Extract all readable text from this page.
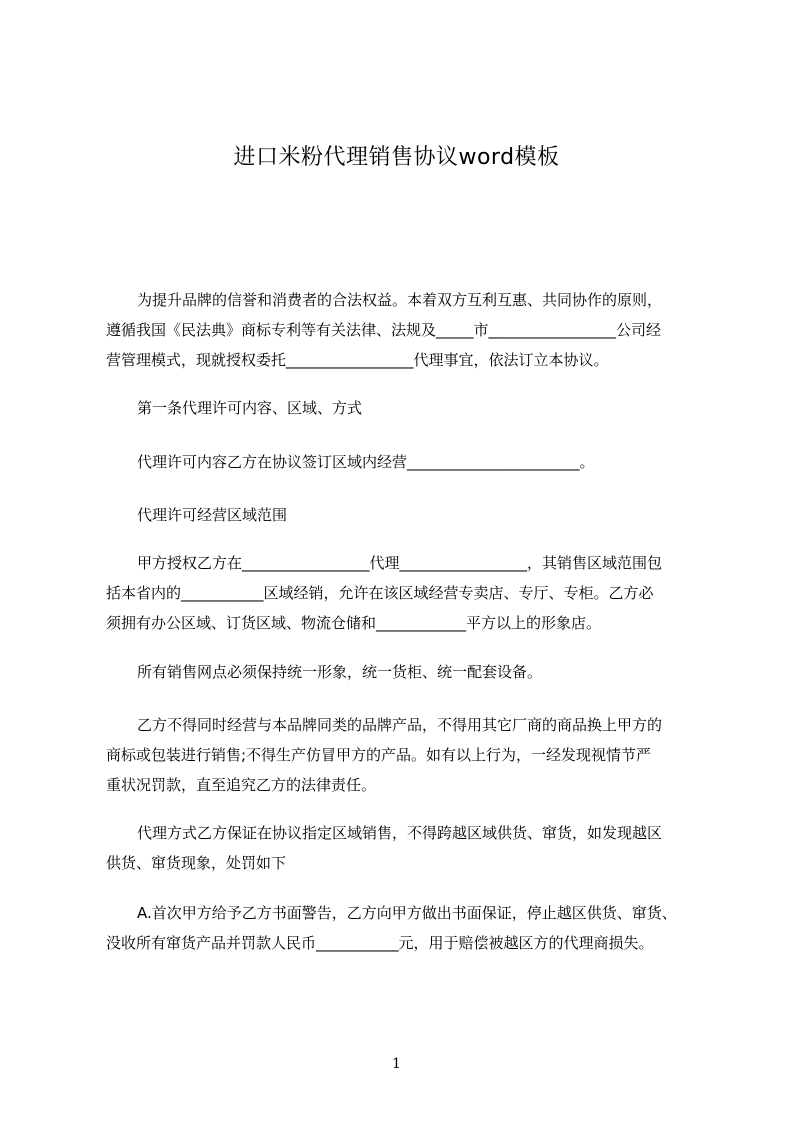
进口米粉代理销售协议word模板

为提升品牌的信誉和消费者的合法权益。本着双方互利互惠、共同协作的原则，
遵循我国《民法典》商标专利等有关法律、法规及_____市_________________公司经
营管理模式，现就授权委托_________________代理事宜，依法订立本协议。

第一条代理许可内容、区域、方式

代理许可内容乙方在协议签订区域内经营_______________________。

代理许可经营区域范围

甲方授权乙方在_________________代理_________________，其销售区域范围包
括本省内的___________区域经销，允许在该区域经营专卖店、专厅、专柜。乙方必
须拥有办公区域、订货区域、物流仓储和____________平方以上的形象店。

所有销售网点必须保持统一形象，统一货柜、统一配套设备。

乙方不得同时经营与本品牌同类的品牌产品，不得用其它厂商的商品换上甲方的
商标或包装进行销售;不得生产仿冒甲方的产品。如有以上行为，一经发现视情节严
重状况罚款，直至追究乙方的法律责任。

代理方式乙方保证在协议指定区域销售，不得跨越区域供货、窜货，如发现越区
供货、窜货现象，处罚如下

A.首次甲方给予乙方书面警告，乙方向甲方做出书面保证，停止越区供货、窜货、
没收所有窜货产品并罚款人民币___________元，用于赔偿被越区方的代理商损失。

1
